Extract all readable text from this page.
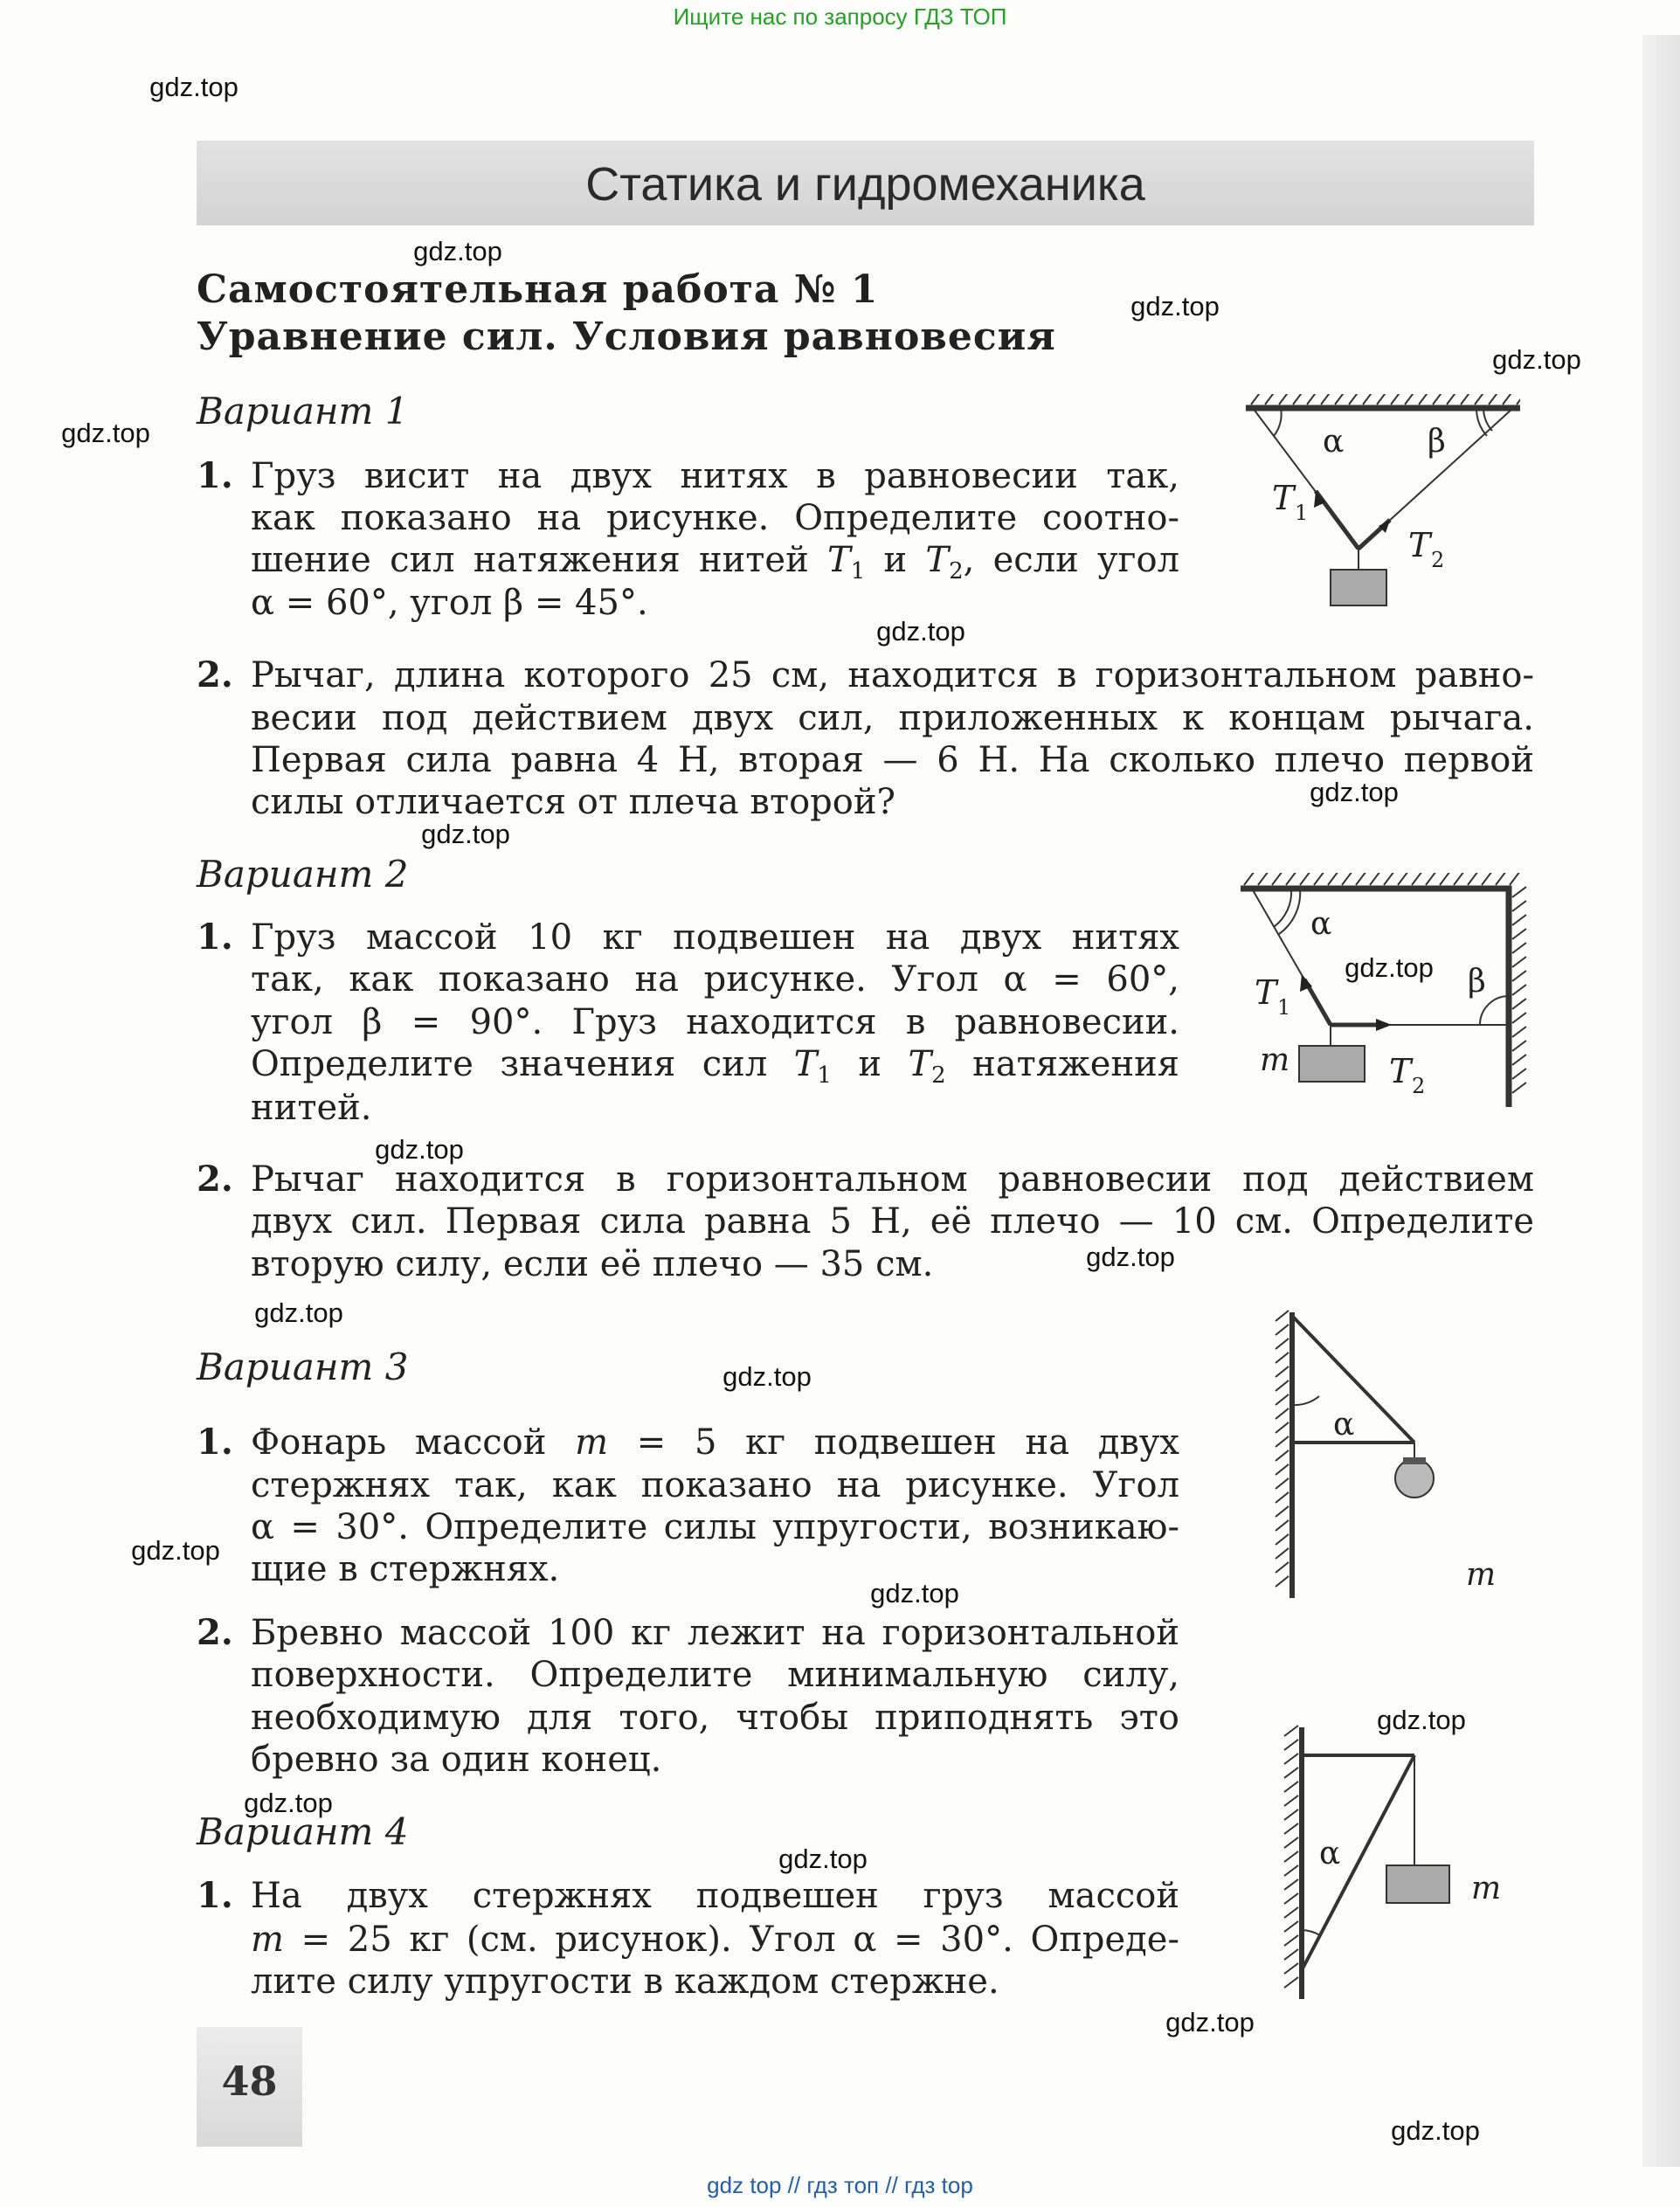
Ищите нас по запросу ГДЗ ТОП
Статика и гидромеханика
Самостоятельная работа № 1
Уравнение сил. Условия равновесия
Вариант 1
1. Груз висит на двух нитях в равновесии так,
как показано на рисунке. Определите соотно-
шение сил натяжения нитей $T_1$ и $T_2$, если угол
α = 60°, угол β = 45°.
2. Рычаг, длина которого 25 см, находится в горизонтальном равно-
весии под действием двух сил, приложенных к концам рычага.
Первая сила равна 4 Н, вторая — 6 Н. На сколько плечо первой
силы отличается от плеча второй?
Вариант 2
1. Груз массой 10 кг подвешен на двух нитях
так, как показано на рисунке. Угол α = 60°,
угол β = 90°. Груз находится в равновесии.
Определите значения сил $T_1$ и $T_2$ натяжения
нитей.
2. Рычаг находится в горизонтальном равновесии под действием
двух сил. Первая сила равна 5 Н, её плечо — 10 см. Определите
вторую силу, если её плечо — 35 см.
Вариант 3
1. Фонарь массой m = 5 кг подвешен на двух
стержнях так, как показано на рисунке. Угол
α = 30°. Определите силы упругости, возникаю-
щие в стержнях.
2. Бревно массой 100 кг лежит на горизонтальной
поверхности. Определите минимальную силу,
необходимую для того, чтобы приподнять это
бревно за один конец.
Вариант 4
1. На двух стержнях подвешен груз массой
m = 25 кг (см. рисунок). Угол α = 30°. Опреде-
лите силу упругости в каждом стержне.
α	β
T 1
T 2
α
β
T 1
T 2
m
α
m
α
m
48
gdz.top
gdz.top
gdz.top
gdz.top
gdz.top
gdz.top
gdz.top
gdz.top
gdz.top
gdz.top
gdz.top
gdz.top
gdz.top
gdz.top
gdz.top
gdz.top
gdz.top
gdz.top
gdz.top
gdz.top
gdz top // гдз топ // гдз top
